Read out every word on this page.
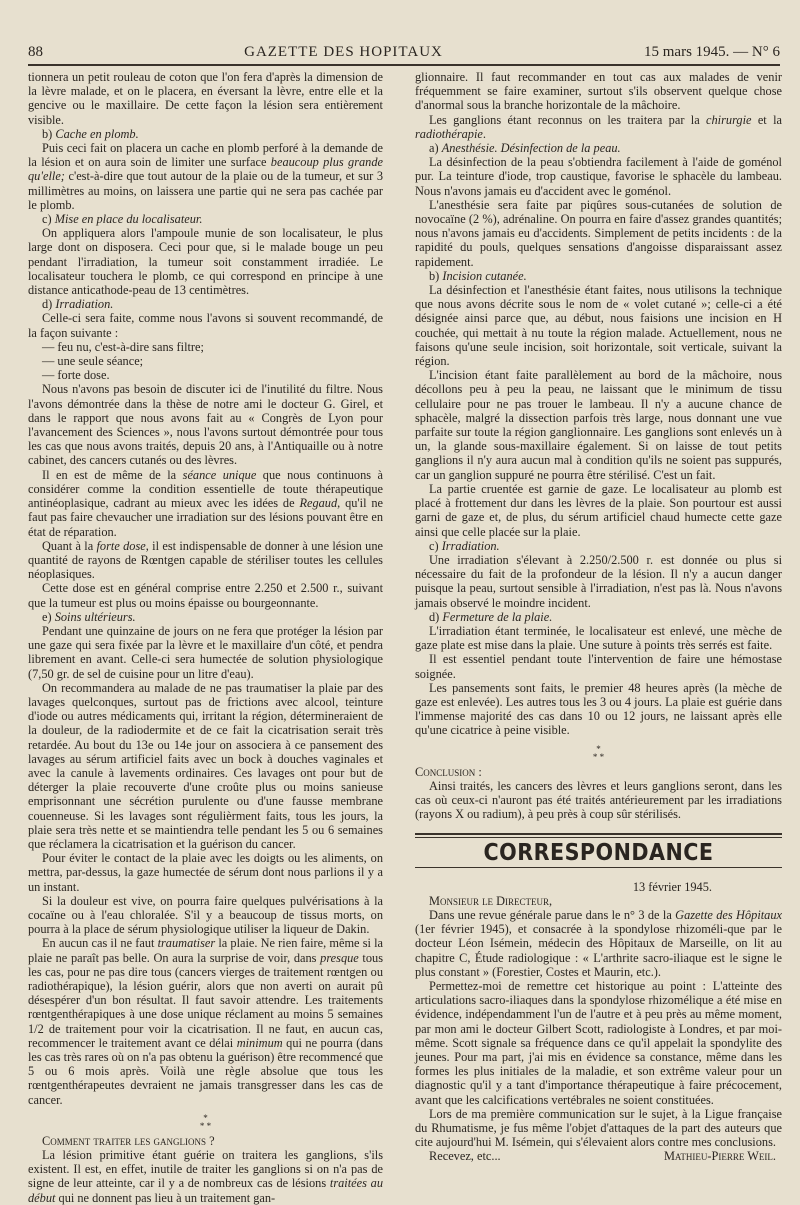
88	GAZETTE DES HOPITAUX	15 mars 1945. — N° 6

tionnera un petit rouleau de coton que l'on fera d'après la dimension de la lèvre malade, et on le placera, en éversant la lèvre, entre elle et la gencive ou le maxillaire. De cette façon la lésion sera entièrement visible.

b) Cache en plomb.

Puis ceci fait on placera un cache en plomb perforé à la demande de la lésion et on aura soin de limiter une surface beaucoup plus grande qu'elle; c'est-à-dire que tout autour de la plaie ou de la tumeur, et sur 3 millimètres au moins, on laissera une partie qui ne sera pas cachée par le plomb.

c) Mise en place du localisateur.

On appliquera alors l'ampoule munie de son localisateur, le plus large dont on disposera. Ceci pour que, si le malade bouge un peu pendant l'irradiation, la tumeur soit constamment irradiée. Le localisateur touchera le plomb, ce qui correspond en principe à une distance anticathode-peau de 13 centimètres.

d) Irradiation.

Celle-ci sera faite, comme nous l'avons si souvent recommandé, de la façon suivante :

— feu nu, c'est-à-dire sans filtre;
— une seule séance;
— forte dose.

Nous n'avons pas besoin de discuter ici de l'inutilité du filtre. Nous l'avons démontrée dans la thèse de notre ami le docteur G. Girel, et dans le rapport que nous avons fait au « Congrès de Lyon pour l'avancement des Sciences », nous l'avons surtout démontrée pour tous les cas que nous avons traités, depuis 20 ans, à l'Antiquaille ou à notre cabinet, des cancers cutanés ou des lèvres.

Il en est de même de la séance unique que nous continuons à considérer comme la condition essentielle de toute thérapeutique antinéoplasique, cadrant au mieux avec les idées de Regaud, qu'il ne faut pas faire chevaucher une irradiation sur des lésions pouvant être en état de réparation.

Quant à la forte dose, il est indispensable de donner à une lésion une quantité de rayons de Rœntgen capable de stériliser toutes les cellules néoplasiques.

Cette dose est en général comprise entre 2.250 et 2.500 r., suivant que la tumeur est plus ou moins épaisse ou bourgeonnante.

e) Soins ultérieurs.

Pendant une quinzaine de jours on ne fera que protéger la lésion par une gaze qui sera fixée par la lèvre et le maxillaire d'un côté, et pendra librement en avant. Celle-ci sera humectée de solution physiologique (7,50 gr. de sel de cuisine pour un litre d'eau).

On recommandera au malade de ne pas traumatiser la plaie par des lavages quelconques, surtout pas de frictions avec alcool, teinture d'iode ou autres médicaments qui, irritant la région, détermineraient de la douleur, de la radiodermite et de ce fait la cicatrisation serait très retardée. Au bout du 13e ou 14e jour on associera à ce pansement des lavages au sérum artificiel faits avec un bock à douches vaginales et avec la canule à lavements ordinaires. Ces lavages ont pour but de déterger la plaie recouverte d'une croûte plus ou moins sanieuse emprisonnant une sécrétion purulente ou d'une fausse membrane couenneuse. Si les lavages sont régulièrment faits, tous les jours, la plaie sera très nette et se maintiendra telle pendant les 5 ou 6 semaines que réclamera la cicatrisation et la guérison du cancer.

Pour éviter le contact de la plaie avec les doigts ou les aliments, on mettra, par-dessus, la gaze humectée de sérum dont nous parlions il y a un instant.

Si la douleur est vive, on pourra faire quelques pulvérisations à la cocaïne ou à l'eau chloralée. S'il y a beaucoup de tissus morts, on pourra à la place de sérum physiologique utiliser la liqueur de Dakin.

En aucun cas il ne faut traumatiser la plaie. Ne rien faire, même si la plaie ne paraît pas belle. On aura la surprise de voir, dans presque tous les cas, pour ne pas dire tous (cancers vierges de traitement rœntgen ou radiothérapique), la lésion guérir, alors que non averti on aurait pû désespérer d'un bon résultat. Il faut savoir attendre. Les traitements rœntgenthérapiques à une dose unique réclament au moins 5 semaines 1/2 de traitement pour voir la cicatrisation. Il ne faut, en aucun cas, recommencer le traitement avant ce délai minimum qui ne pourra (dans les cas très rares où on n'a pas obtenu la guérison) être recommencé que 5 ou 6 mois après. Voilà une règle absolue que tous les rœntgenthérapeutes devraient ne jamais transgresser dans les cas de cancer.

*
* *

Comment traiter les ganglions ?

La lésion primitive étant guérie on traitera les ganglions, s'ils existent. Il est, en effet, inutile de traiter les ganglions si on n'a pas de signe de leur atteinte, car il y a de nombreux cas de lésions traitées au début qui ne donnent pas lieu à un traitement gan-

glionnaire. Il faut recommander en tout cas aux malades de venir fréquemment se faire examiner, surtout s'ils observent quelque chose d'anormal sous la branche horizontale de la mâchoire.

Les ganglions étant reconnus on les traitera par la chirurgie et la radiothérapie.

a) Anesthésie. Désinfection de la peau.

La désinfection de la peau s'obtiendra facilement à l'aide de goménol pur. La teinture d'iode, trop caustique, favorise le sphacèle du lambeau. Nous n'avons jamais eu d'accident avec le goménol.

L'anesthésie sera faite par piqûres sous-cutanées de solution de novocaïne (2 %), adrénaline. On pourra en faire d'assez grandes quantités; nous n'avons jamais eu d'accidents. Simplement de petits incidents : de la rapidité du pouls, quelques sensations d'angoisse disparaissant assez rapidement.

b) Incision cutanée.

La désinfection et l'anesthésie étant faites, nous utilisons la technique que nous avons décrite sous le nom de « volet cutané »; celle-ci a été désignée ainsi parce que, au début, nous faisions une incision en H couchée, qui mettait à nu toute la région malade. Actuellement, nous ne faisons qu'une seule incision, soit horizontale, soit verticale, suivant la région.

L'incision étant faite parallèlement au bord de la mâchoire, nous décollons peu à peu la peau, ne laissant que le minimum de tissu cellulaire pour ne pas trouer le lambeau. Il n'y a aucune chance de sphacèle, malgré la dissection parfois très large, nous donnant une vue parfaite sur toute la région ganglionnaire. Les ganglions sont enlevés un à un, la glande sous-maxillaire également. Si on laisse de tout petits ganglions il n'y aura aucun mal à condition qu'ils ne soient pas suppurés, car un ganglion suppuré ne pourra être stérilisé. C'est un fait.

La partie cruentée est garnie de gaze. Le localisateur au plomb est placé à frottement dur dans les lèvres de la plaie. Son pourtour est aussi garni de gaze et, de plus, du sérum artificiel chaud humecte cette gaze ainsi que celle placée sur la plaie.

c) Irradiation.

Une irradiation s'élevant à 2.250/2.500 r. est donnée ou plus si nécessaire du fait de la profondeur de la lésion. Il n'y a aucun danger puisque la peau, surtout sensible à l'irradiation, n'est pas là. Nous n'avons jamais observé le moindre incident.

d) Fermeture de la plaie.

L'irradiation étant terminée, le localisateur est enlevé, une mèche de gaze plate est mise dans la plaie. Une suture à points très serrés est faite.

Il est essentiel pendant toute l'intervention de faire une hémostase soignée.

Les pansements sont faits, le premier 48 heures après (la mèche de gaze est enlevée). Les autres tous les 3 ou 4 jours. La plaie est guérie dans l'immense majorité des cas dans 10 ou 12 jours, ne laissant après elle qu'une cicatrice à peine visible.

*
* *

Conclusion :

Ainsi traités, les cancers des lèvres et leurs ganglions seront, dans les cas où ceux-ci n'auront pas été traités antérieurement par les irradiations (rayons X ou radium), à peu près à coup sûr stérilisés.

CORRESPONDANCE

13 février 1945.

Monsieur le Directeur,

Dans une revue générale parue dans le n° 3 de la Gazette des Hôpitaux (1er février 1945), et consacrée à la spondylose rhizoméli-que par le docteur Léon Isémein, médecin des Hôpitaux de Marseille, on lit au chapitre C, Étude radiologique : « L'arthrite sacro-iliaque est le signe le plus constant » (Forestier, Costes et Maurin, etc.).

Permettez-moi de remettre cet historique au point : L'atteinte des articulations sacro-iliaques dans la spondylose rhizomélique a été mise en évidence, indépendamment l'un de l'autre et à peu près au même moment, par mon ami le docteur Gilbert Scott, radiologiste à Londres, et par moi-même. Scott signale sa fréquence dans ce qu'il appelait la spondylite des jeunes. Pour ma part, j'ai mis en évidence sa constance, même dans les formes les plus initiales de la maladie, et son extrême valeur pour un diagnostic qu'il y a tant d'importance thérapeutique à faire précocement, avant que les calcifications vertébrales ne soient constituées.

Lors de ma première communication sur le sujet, à la Ligue française du Rhumatisme, je fus même l'objet d'attaques de la part des auteurs que cite aujourd'hui M. Isémein, qui s'élevaient alors contre mes conclusions.

Recevez, etc...	Mathieu-Pierre Weil.
